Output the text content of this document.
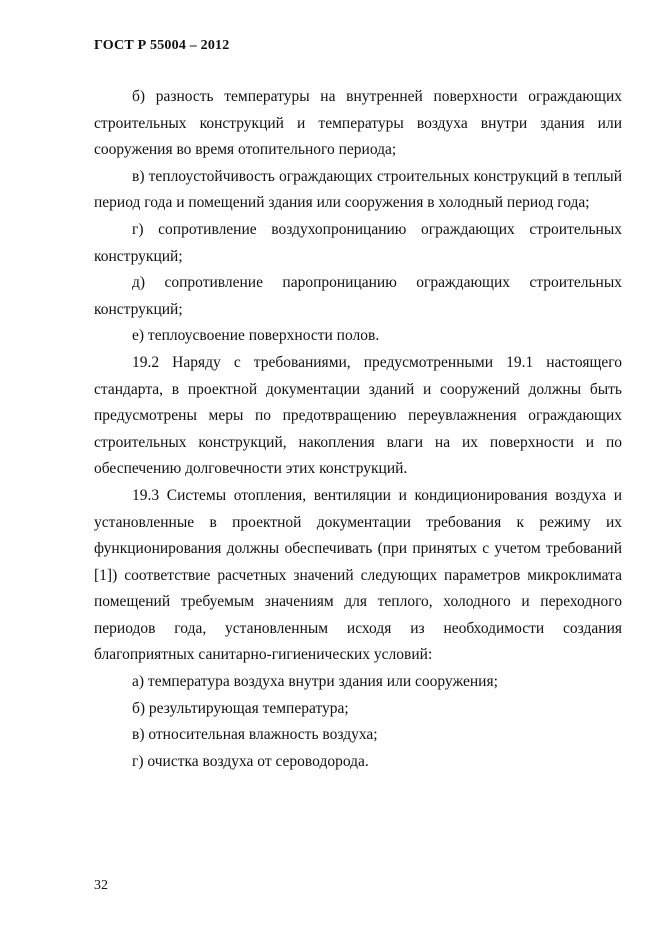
ГОСТ Р 55004 – 2012

б) разность температуры на внутренней поверхности ограждающих строительных конструкций и температуры воздуха внутри здания или сооружения во время отопительного периода;

в) теплоустойчивость ограждающих строительных конструкций в теплый период года и помещений здания или сооружения в холодный период года;

г) сопротивление воздухопроницанию ограждающих строительных конструкций;

д) сопротивление паропроницанию ограждающих строительных конструкций;

е) теплоусвоение поверхности полов.

19.2 Наряду с требованиями, предусмотренными 19.1 настоящего стандарта, в проектной документации зданий и сооружений должны быть предусмотрены меры по предотвращению переувлажнения ограждающих строительных конструкций, накопления влаги на их поверхности и по обеспечению долговечности этих конструкций.

19.3 Системы отопления, вентиляции и кондиционирования воздуха и установленные в проектной документации требования к режиму их функционирования должны обеспечивать (при принятых с учетом требований [1]) соответствие расчетных значений следующих параметров микроклимата помещений требуемым значениям для теплого, холодного и переходного периодов года, установленным исходя из необходимости создания благоприятных санитарно-гигиенических условий:

а) температура воздуха внутри здания или сооружения;

б) результирующая температура;

в) относительная влажность воздуха;

г) очистка воздуха от сероводорода.

32
